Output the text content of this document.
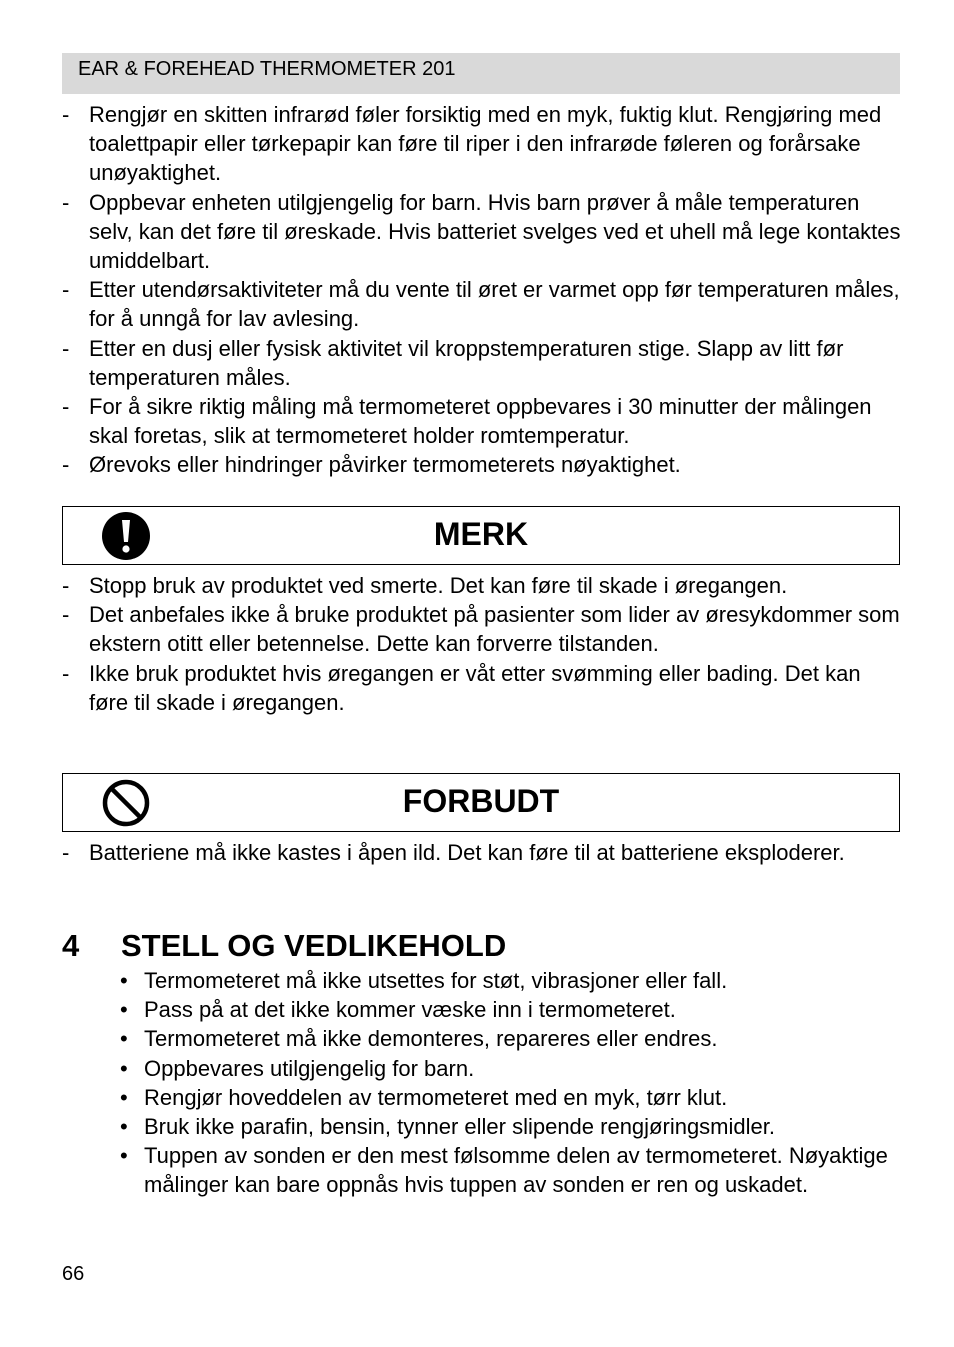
EAR & FOREHEAD THERMOMETER 201
- Rengjør en skitten infrarød føler forsiktig med en myk, fuktig klut. Rengjøring med toalettpapir eller tørkepapir kan føre til riper i den infrarøde føleren og forårsake unøyaktighet.
- Oppbevar enheten utilgjengelig for barn. Hvis barn prøver å måle temperaturen selv, kan det føre til øreskade. Hvis batteriet svelges ved et uhell må lege kontaktes umiddelbart.
- Etter utendørsaktiviteter må du vente til øret er varmet opp før temperaturen måles, for å unngå for lav avlesing.
- Etter en dusj eller fysisk aktivitet vil kroppstemperaturen stige. Slapp av litt før temperaturen måles.
- For å sikre riktig måling må termometeret oppbevares i 30 minutter der målingen skal foretas, slik at termometeret holder romtemperatur.
- Ørevoks eller hindringer påvirker termometerets nøyaktighet.
MERK
- Stopp bruk av produktet ved smerte. Det kan føre til skade i øregangen.
- Det anbefales ikke å bruke produktet på pasienter som lider av øresykdommer som ekstern otitt eller betennelse. Dette kan forverre tilstanden.
- Ikke bruk produktet hvis øregangen er våt etter svømming eller bading. Det kan føre til skade i øregangen.
FORBUDT
- Batteriene må ikke kastes i åpen ild. Det kan føre til at batteriene eksploderer.
4 STELL OG VEDLIKEHOLD
• Termometeret må ikke utsettes for støt, vibrasjoner eller fall.
• Pass på at det ikke kommer væske inn i termometeret.
• Termometeret må ikke demonteres, repareres eller endres.
• Oppbevares utilgjengelig for barn.
• Rengjør hoveddelen av termometeret med en myk, tørr klut.
• Bruk ikke parafin, bensin, tynner eller slipende rengjøringsmidler.
• Tuppen av sonden er den mest følsomme delen av termometeret. Nøyaktige målinger kan bare oppnås hvis tuppen av sonden er ren og uskadet.
66
